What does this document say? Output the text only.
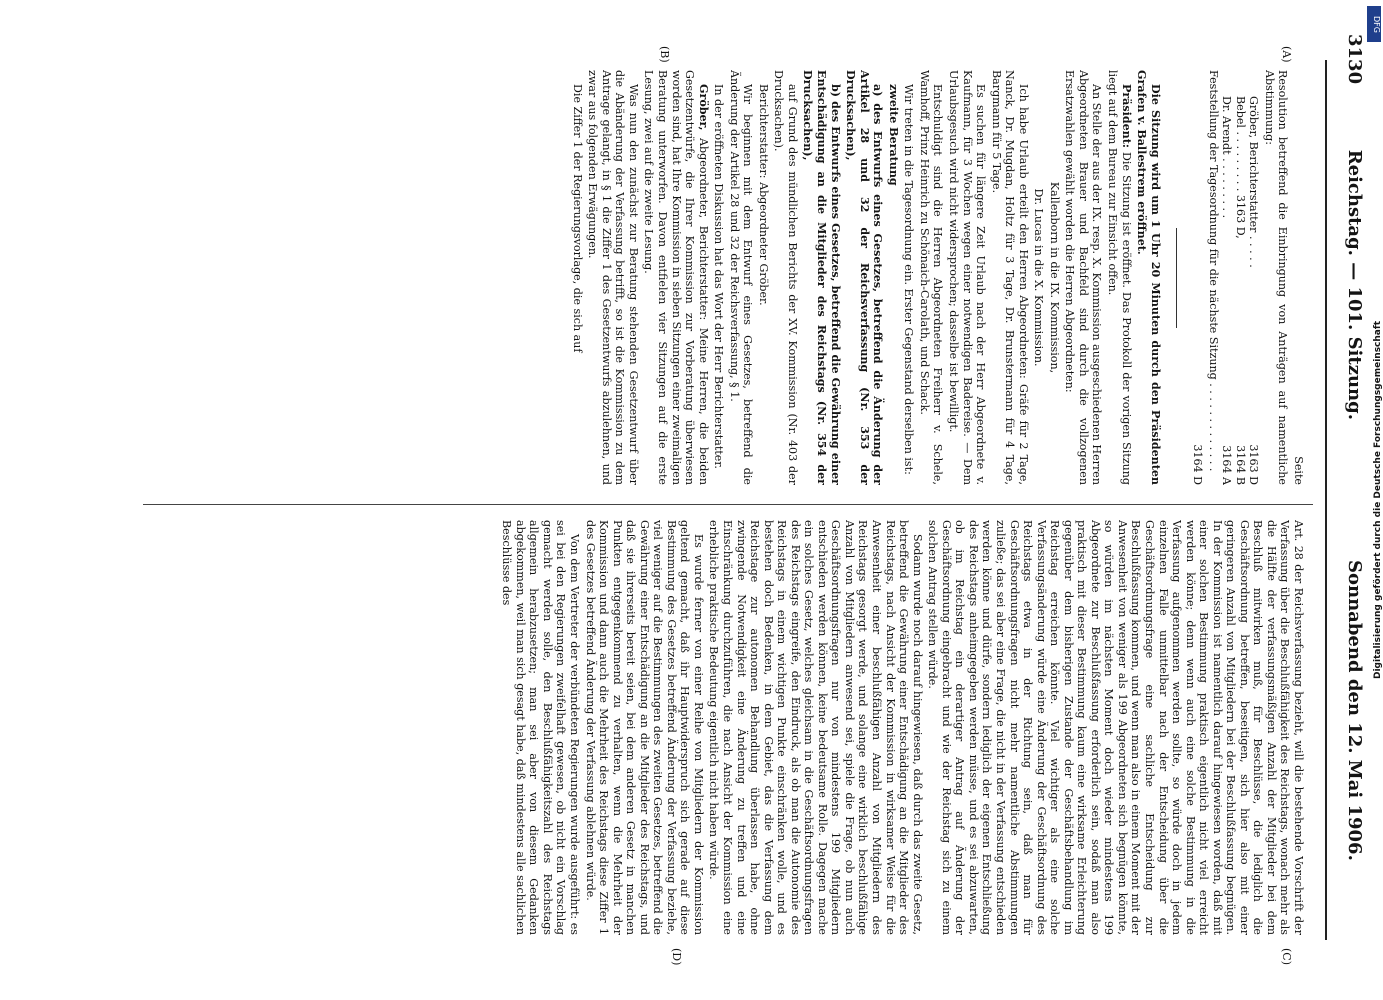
3130
Reichstag. — 101. Sitzung.
Sonnabend den 12. Mai 1906.
(A)
(B)
(C)
(D)

Seite

Resolution betreffend die Einbringung von Anträgen auf namentliche Abstimmung:

Gröber, Berichterstatter . . . . .
3163 D
Bebel . . . . . . . . . 3163 D,
3164 B
Dr. Arendt . . . . . . . . .
3164 A

Feststellung der Tagesordnung für die nächste Sitzung . . . . . . . . . . . . .

3164 D

Die Sitzung wird um 1 Uhr 20 Minuten durch den Präsidenten Grafen v. Ballestrem eröffnet.

Präsident: Die Sitzung ist eröffnet. Das Protokoll der vorigen Sitzung liegt auf dem Bureau zur Einsicht offen.

An Stelle der aus der IX. resp. X. Kommission ausgeschiedenen Herren Abgeordneten Brauer und Bachfeld sind durch die vollzogenen Ersatzwahlen gewählt worden die Herren Abgeordneten:

Kallenborn in die IX. Kommission,

Dr. Lucas in die X. Kommission.

Ich habe Urlaub erteilt den Herren Abgeordneten: Gräfe für 2 Tage, Nanck, Dr. Mugdan, Holtz für 3 Tage, Dr. Brunstermann für 4 Tage, Bargmann für 5 Tage.

Es suchen für längere Zeit Urlaub nach der Herr Abgeordnete v. Kaufmann, für 3 Wochen wegen einer notwendigen Badereise. — Dem Urlaubsgesuch wird nicht widersprochen; dasselbe ist bewilligt.

Entschuldigt sind die Herren Abgeordneten Freiherr v. Schele, Wamhoff, Prinz Heinrich zu Schönaich-Carolath, und Schack.

Wir treten in die Tagesordnung ein. Erster Gegenstand derselben ist:

zweite Beratung

a) des Entwurfs eines Gesetzes, betreffend die Änderung der Artikel 28 und 32 der Reichsverfassung (Nr. 353 der Drucksachen),

b) des Entwurfs eines Gesetzes, betreffend die Gewährung einer Entschädigung an die Mitglieder des Reichstags (Nr. 354 der Drucksachen),

auf Grund des mündlichen Berichts der XV. Kommission (Nr. 403 der Drucksachen).

Berichterstatter: Abgeordneter Gröber.

Wir beginnen mit dem Entwurf eines Gesetzes, betreffend die Änderung der Artikel 28 und 32 der Reichsverfassung, § 1.

In der eröffneten Diskussion hat das Wort der Herr Berichterstatter.

Gröber, Abgeordneter, Berichterstatter: Meine Herren, die beiden Gesetzentwürfe, die Ihrer Kommission zur Vorberatung überwiesen worden sind, hat Ihre Kommission in sieben Sitzungen einer zweimaligen Beratung unterworfen. Davon entfielen vier Sitzungen auf die erste Lesung, zwei auf die zweite Lesung.

Was nun den zunächst zur Beratung stehenden Gesetzentwurf über die Abänderung der Verfassung betrifft, so ist die Kommission zu dem Antrage gelangt, in § 1 die Ziffer 1 des Gesetzentwurfs abzulehnen, und zwar aus folgenden Erwägungen.

Die Ziffer 1 der Regierungsvorlage, die sich auf

Art. 28 der Reichsverfassung bezieht, will die bestehende Vorschrift der Verfassung über die Beschlußfähigkeit des Reichstags, wonach mehr als die Hälfte der verfassungsmäßigen Anzahl der Mitglieder bei dem Beschluß mitwirken muß, für Beschlüsse, die lediglich die Geschäftsordnung betreffen, beseitigen, sich hier also mit einer geringeren Anzahl von Mitgliedern bei der Beschlußfassung begnügen. In der Kommission ist namentlich darauf hingewiesen worden, daß mit einer solchen Bestimmung praktisch eigentlich nicht viel erreicht werden könne; denn wenn auch eine solche Bestimmung in die Verfassung aufgenommen werden sollte, so würde doch in jedem einzelnen Falle unmittelbar nach der Entscheidung über die Geschäftsordnungsfrage eine sachliche Entscheidung zur Beschlußfassung kommen, und wenn man also in einem Moment mit der Anwesenheit von weniger als 199 Abgeordneten sich begnügen könnte, so würden im nächsten Moment doch wieder mindestens 199 Abgeordnete zur Beschlußfassung erforderlich sein, sodaß man also praktisch mit dieser Bestimmung kaum eine wirksame Erleichterung gegenüber dem bisherigen Zustande der Geschäftsbehandlung im Reichstag erreichen könnte. Viel wichtiger als eine solche Verfassungsänderung würde eine Änderung der Geschäftsordnung des Reichstags etwa in der Richtung sein, daß man für Geschäftsordnungsfragen nicht mehr namentliche Abstimmungen zuließe; das sei aber eine Frage, die nicht in der Verfassung entschieden werden könne und dürfe, sondern lediglich der eigenen Entschließung des Reichstags anheimgegeben werden müsse, und es sei abzuwarten, ob im Reichstag ein derartiger Antrag auf Änderung der Geschäftsordnung eingebracht und wie der Reichstag sich zu einem solchen Antrag stellen würde.

Sodann wurde noch darauf hingewiesen, daß durch das zweite Gesetz, betreffend die Gewährung einer Entschädigung an die Mitglieder des Reichstags, nach Ansicht der Kommission in wirksamer Weise für die Anwesenheit einer beschlußfähigen Anzahl von Mitgliedern des Reichstags gesorgt werde, und solange eine wirklich beschlußfähige Anzahl von Mitgliedern anwesend sei, spiele die Frage, ob nun auch Geschäftsordnungsfragen nur von mindestens 199 Mitgliedern entschieden werden können, keine bedeutsame Rolle. Dagegen mache ein solches Gesetz, welches gleichsam in die Geschäftsordnungsfragen des Reichstags eingreife, den Eindruck, als ob man die Autonomie des Reichstags in einem wichtigen Punkte einschränken wolle, und es bestehen doch Bedenken, in dem Gebiet, das die Verfassung dem Reichstage zur autonomen Behandlung überlassen habe, ohne zwingende Notwendigkeit eine Änderung zu treffen und eine Einschränkung durchzuführen, die nach Ansicht der Kommission eine erhebliche praktische Bedeutung eigentlich nicht haben würde.

Es wurde ferner von einer Reihe von Mitgliedern der Kommission geltend gemacht, daß ihr Hauptwiderspruch sich gerade auf diese Bestimmung des Gesetzes betreffend Änderung der Verfassung beziehe, viel weniger auf die Bestimmungen des zweiten Gesetzes, betreffend die Gewährung einer Entschädigung an die Mitglieder des Reichstags, und daß sie ihrerseits bereit seien, bei dem anderen Gesetz in manchen Punkten entgegenkommend zu verhalten, wenn die Mehrheit der Kommission und dann auch die Mehrheit des Reichstags diese Ziffer 1 des Gesetzes betreffend Änderung der Verfassung ablehnen würde.

Von dem Vertreter der verbündeten Regierungen wurde ausgeführt: es sei bei den Regierungen zweifelhaft gewesen, ob nicht ein Vorschlag gemacht werden solle, den Beschlußfähigkeitszahl des Reichstags allgemein herabzusetzen; man sei aber von diesem Gedanken abgekommen, weil man sich gesagt habe, daß mindestens alle sachlichen Beschlüsse des	Digitalisierung gefördert durch die Deutsche Forschungsgemeinschaft
DFG
